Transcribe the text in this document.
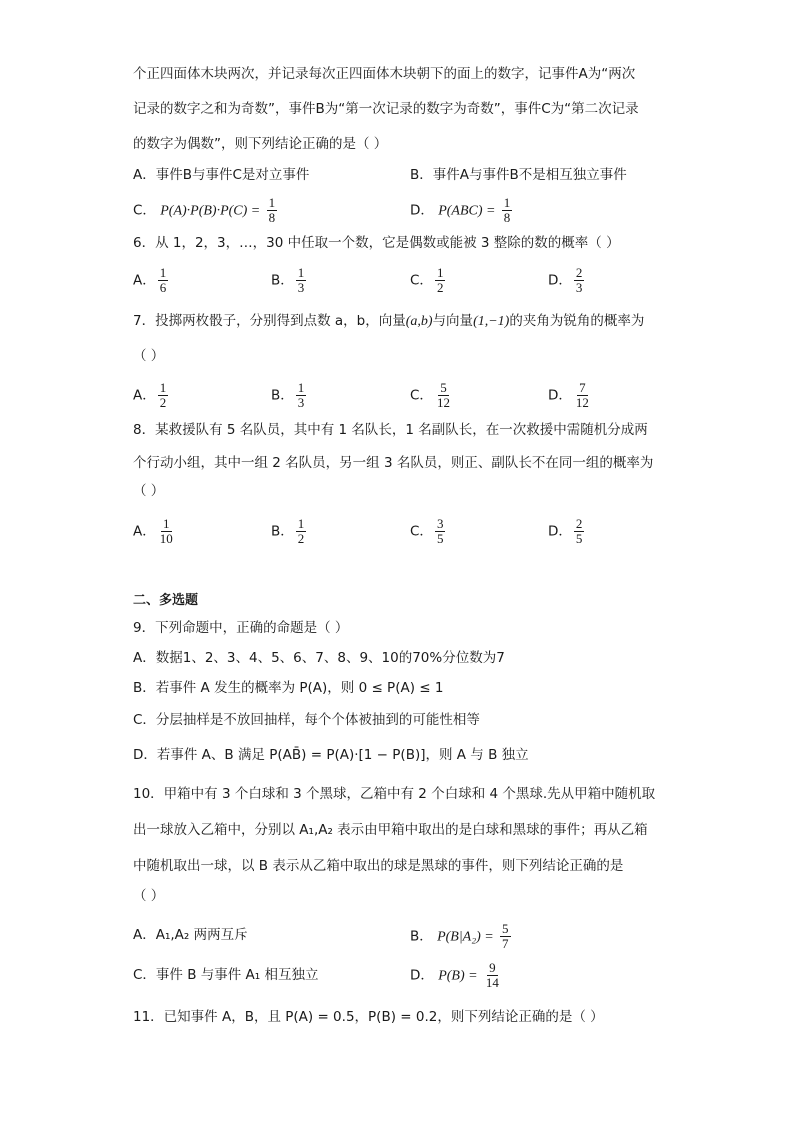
个正四面体木块两次，并记录每次正四面体木块朝下的面上的数字，记事件A为“两次
记录的数字之和为奇数”，事件B为“第一次记录的数字为奇数”，事件C为“第二次记录
的数字为偶数”，则下列结论正确的是（ ）
A．事件B与事件C是对立事件	B．事件A与事件B不是相互独立事件
C． $P(A)\cdot P(B)\cdot P(C) = \frac{1}{8}$	D． $P(ABC) = \frac{1}{8}$
6．从 1，2，3，…，30 中任取一个数，它是偶数或能被 3 整除的数的概率（ ）
A． $\frac{1}{6}$	B． $\frac{1}{3}$	C． $\frac{1}{2}$	D． $\frac{2}{3}$
7．投掷两枚骰子，分别得到点数 a，b，向量(a,b)与向量(1,−1)的夹角为锐角的概率为
（ ）
A． $\frac{1}{2}$	B． $\frac{1}{3}$	C． $\frac{5}{12}$	D． $\frac{7}{12}$
8．某救援队有 5 名队员，其中有 1 名队长，1 名副队长，在一次救援中需随机分成两
个行动小组，其中一组 2 名队员，另一组 3 名队员，则正、副队长不在同一组的概率为
（ ）
A． $\frac{1}{10}$	B． $\frac{1}{2}$	C． $\frac{3}{5}$	D． $\frac{2}{5}$
二、多选题
9．下列命题中，正确的命题是（ ）
A．数据1、2、3、4、5、6、7、8、9、10的70%分位数为7
B．若事件 A 发生的概率为 P(A)，则 0 ≤ P(A) ≤ 1
C．分层抽样是不放回抽样，每个个体被抽到的可能性相等
D．若事件 A、B 满足 P(AB̄) = P(A)·[1 − P(B)]，则 A 与 B 独立
10．甲箱中有 3 个白球和 3 个黑球，乙箱中有 2 个白球和 4 个黑球.先从甲箱中随机取
出一球放入乙箱中，分别以 A₁,A₂ 表示由甲箱中取出的是白球和黑球的事件；再从乙箱
中随机取出一球，以 B 表示从乙箱中取出的球是黑球的事件，则下列结论正确的是
（ ）
A．A₁,A₂ 两两互斥	B． $P(B|A_2) = \frac{5}{7}$
C．事件 B 与事件 A₁ 相互独立	D． $P(B) = \frac{9}{14}$
11．已知事件 A，B，且 P(A) = 0.5，P(B) = 0.2，则下列结论正确的是（ ）
